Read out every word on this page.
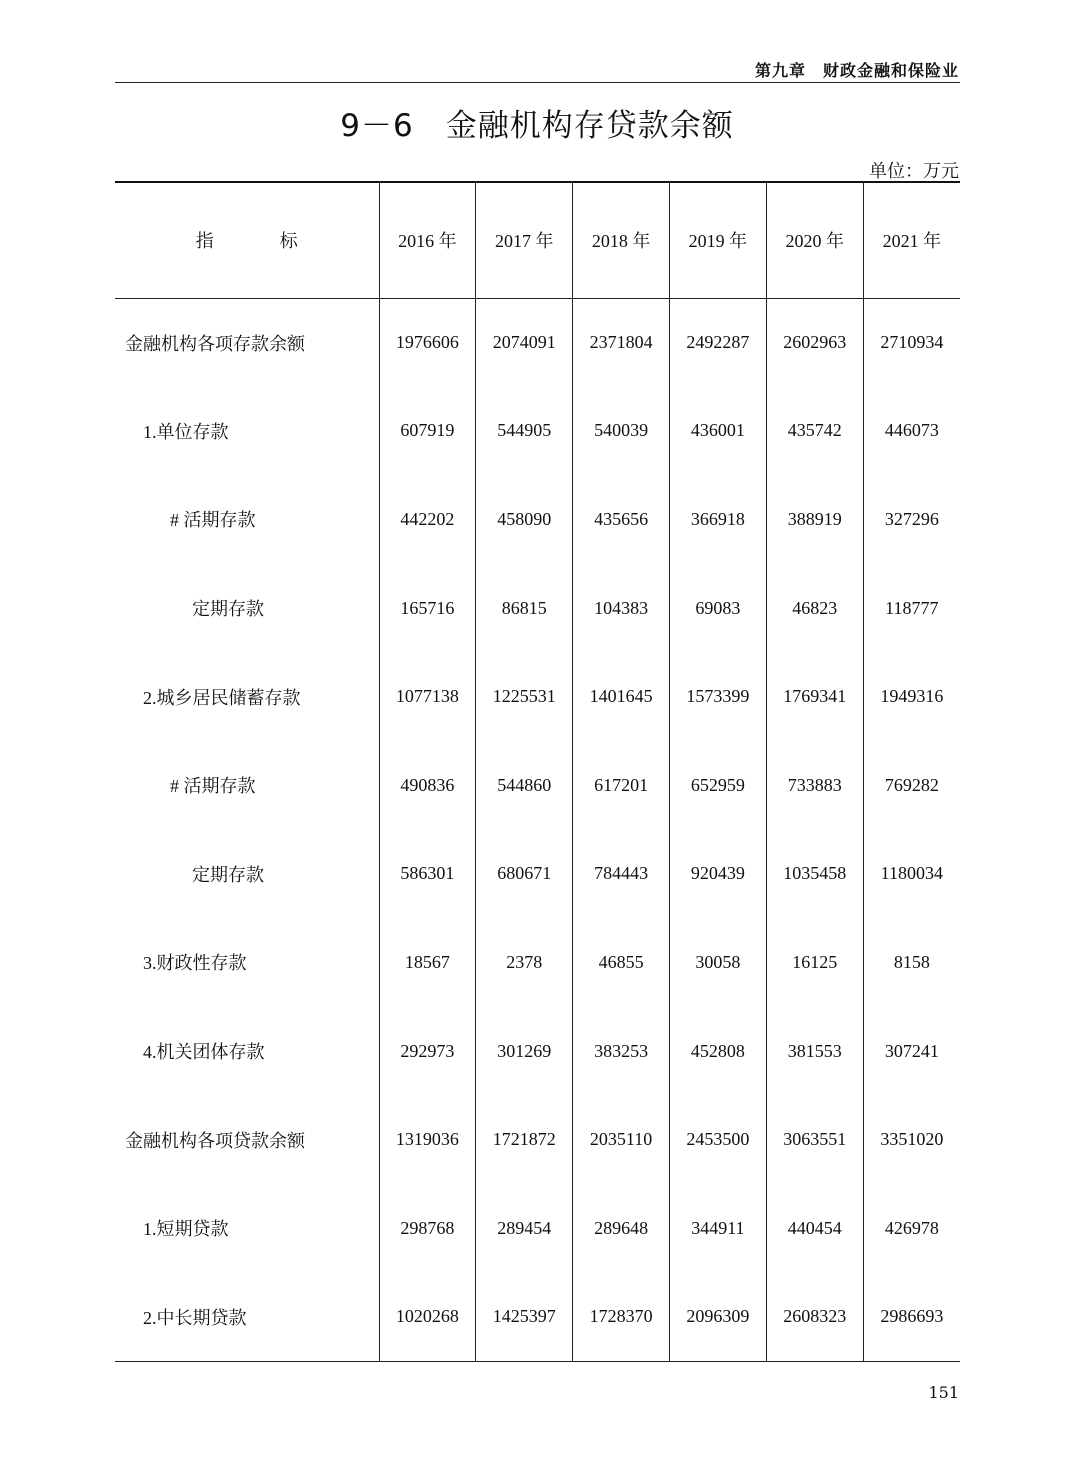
第九章　财政金融和保险业
9－6　金融机构存贷款余额
单位：万元
指 标	2016 年	2017 年	2018 年	2019 年	2020 年	2021 年
金融机构各项存款余额	1976606	2074091	2371804	2492287	2602963	2710934
1.单位存款	607919	544905	540039	436001	435742	446073
# 活期存款	442202	458090	435656	366918	388919	327296
定期存款	165716	86815	104383	69083	46823	118777
2.城乡居民储蓄存款	1077138	1225531	1401645	1573399	1769341	1949316
# 活期存款	490836	544860	617201	652959	733883	769282
定期存款	586301	680671	784443	920439	1035458	1180034
3.财政性存款	18567	2378	46855	30058	16125	8158
4.机关团体存款	292973	301269	383253	452808	381553	307241
金融机构各项贷款余额	1319036	1721872	2035110	2453500	3063551	3351020
1.短期贷款	298768	289454	289648	344911	440454	426978
2.中长期贷款	1020268	1425397	1728370	2096309	2608323	2986693
151
